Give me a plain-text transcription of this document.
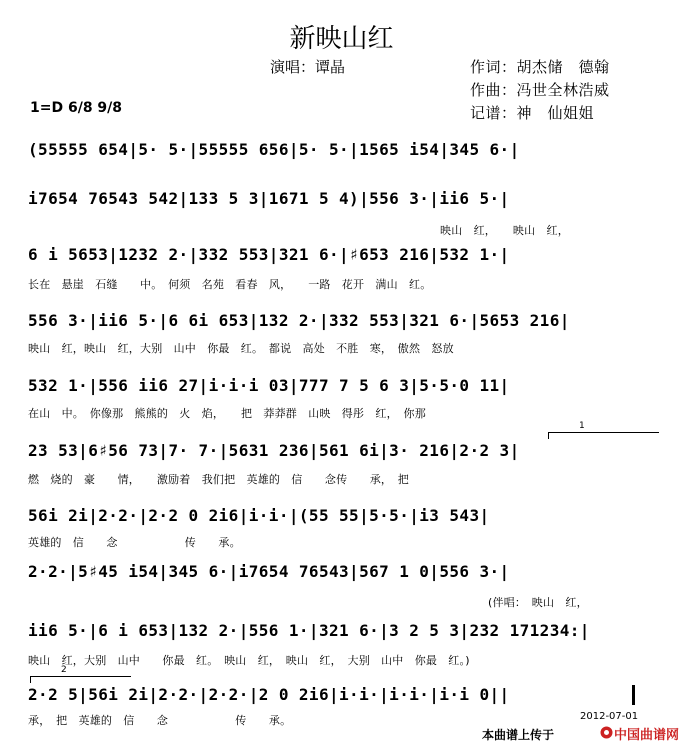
新映山红
演唱：谭晶	作词：胡杰储　德翰
作曲：冯世全林浩威
记谱：神　仙姐姐
1=D 6/8 9/8
(55555 654|5· 5·|55555 656|5· 5·|1565 i54|345 6·|
i7654 76543 542|133 5 3|1671 5 4)|556 3·|ii6 5·|
映山　红，　　映山　红，
6 i 5653|1232 2·|332 553|321 6·|♯653 216|532 1·|
长在　悬崖　石缝　　中。　何须　名苑　看春　风，　　一路　花开　满山　红。
556 3·|ii6 5·|6 6i 653|132 2·|332 553|321 6·|5653 216|
映山　红，映山　红，大别　山中　你最　红。　都说　高处　不胜　寒，　傲然　怒放
532 1·|556 ii6 27|i·i·i 03|777 7 5 6 3|5·5·0 11|
在山　中。　你像那　熊熊的　火　焰，　　把　莽莽群　山映　得彤　红，　你那
1
23 53|6♯56 73|7· 7·|5631 236|561 6i|3· 216|2·2 3|
燃　烧的　豪　　情，　　激励着　我们把　英雄的　信　　念传　　承，　把
56i 2i|2·2·|2·2 0 2i6|i·i·|(55 55|5·5·|i3 543|
英雄的　信　　念　　　　　　传　　承。
2·2·|5♯45 i54|345 6·|i7654 76543|567 1 0|556 3·|
(伴唱：　映山　红，
ii6 5·|6 i 653|132 2·|556 1·|321 6·|3 2 5 3|232 171234:|
映山　红，大别　山中　　你最　红。　映山　红，　映山　红，　大别　山中　你最　红。)
2
2·2 5|56i 2i|2·2·|2·2·|2 0 2i6|i·i·|i·i·|i·i 0||
承，　把　英雄的　信　　念　　　　　　传　　承。	2012-07-01
本曲谱上传于	中国曲谱网
